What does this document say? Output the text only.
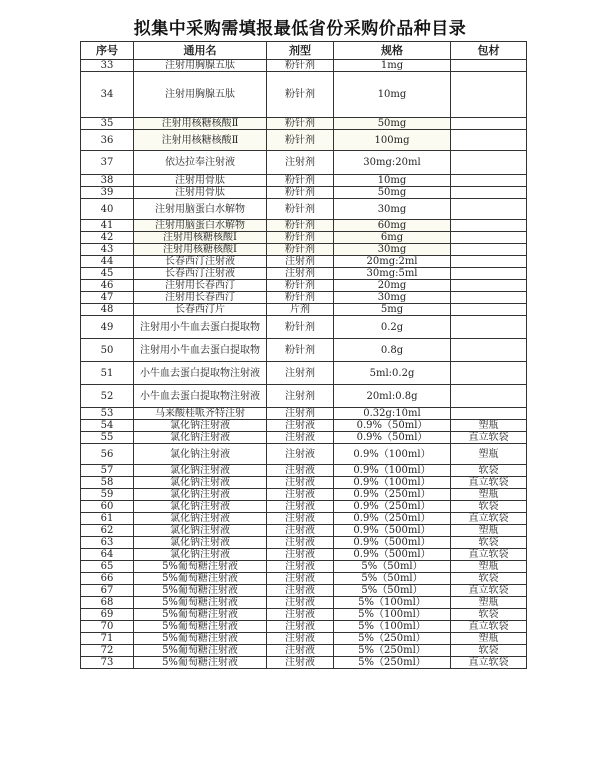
拟集中采购需填报最低省份采购价品种目录
序号	通用名	剂型	规格	包材
33	注射用胸腺五肽	粉针剂	1mg	
34	注射用胸腺五肽	粉针剂	10mg	
35	注射用核糖核酸Ⅱ	粉针剂	50mg	
36	注射用核糖核酸Ⅱ	粉针剂	100mg	
37	依达拉奉注射液	注射剂	30mg:20ml	
38	注射用骨肽	粉针剂	10mg	
39	注射用骨肽	粉针剂	50mg	
40	注射用脑蛋白水解物	粉针剂	30mg	
41	注射用脑蛋白水解物	粉针剂	60mg	
42	注射用核糖核酸Ⅰ	粉针剂	6mg	
43	注射用核糖核酸Ⅰ	粉针剂	30mg	
44	长春西汀注射液	注射剂	20mg:2ml	
45	长春西汀注射液	注射剂	30mg:5ml	
46	注射用长春西汀	粉针剂	20mg	
47	注射用长春西汀	粉针剂	30mg	
48	长春西汀片	片剂	5mg	
49	注射用小牛血去蛋白提取物	粉针剂	0.2g	
50	注射用小牛血去蛋白提取物	粉针剂	0.8g	
51	小牛血去蛋白提取物注射液	注射剂	5ml:0.2g	
52	小牛血去蛋白提取物注射液	注射剂	20ml:0.8g	
53	马来酸桂哌齐特注射	注射剂	0.32g:10ml	
54	氯化钠注射液	注射液	0.9%（50ml）	塑瓶
55	氯化钠注射液	注射液	0.9%（50ml）	直立软袋
56	氯化钠注射液	注射液	0.9%（100ml）	塑瓶
57	氯化钠注射液	注射液	0.9%（100ml）	软袋
58	氯化钠注射液	注射液	0.9%（100ml）	直立软袋
59	氯化钠注射液	注射液	0.9%（250ml）	塑瓶
60	氯化钠注射液	注射液	0.9%（250ml）	软袋
61	氯化钠注射液	注射液	0.9%（250ml）	直立软袋
62	氯化钠注射液	注射液	0.9%（500ml）	塑瓶
63	氯化钠注射液	注射液	0.9%（500ml）	软袋
64	氯化钠注射液	注射液	0.9%（500ml）	直立软袋
65	5%葡萄糖注射液	注射液	5%（50ml）	塑瓶
66	5%葡萄糖注射液	注射液	5%（50ml）	软袋
67	5%葡萄糖注射液	注射液	5%（50ml）	直立软袋
68	5%葡萄糖注射液	注射液	5%（100ml）	塑瓶
69	5%葡萄糖注射液	注射液	5%（100ml）	软袋
70	5%葡萄糖注射液	注射液	5%（100ml）	直立软袋
71	5%葡萄糖注射液	注射液	5%（250ml）	塑瓶
72	5%葡萄糖注射液	注射液	5%（250ml）	软袋
73	5%葡萄糖注射液	注射液	5%（250ml）	直立软袋
